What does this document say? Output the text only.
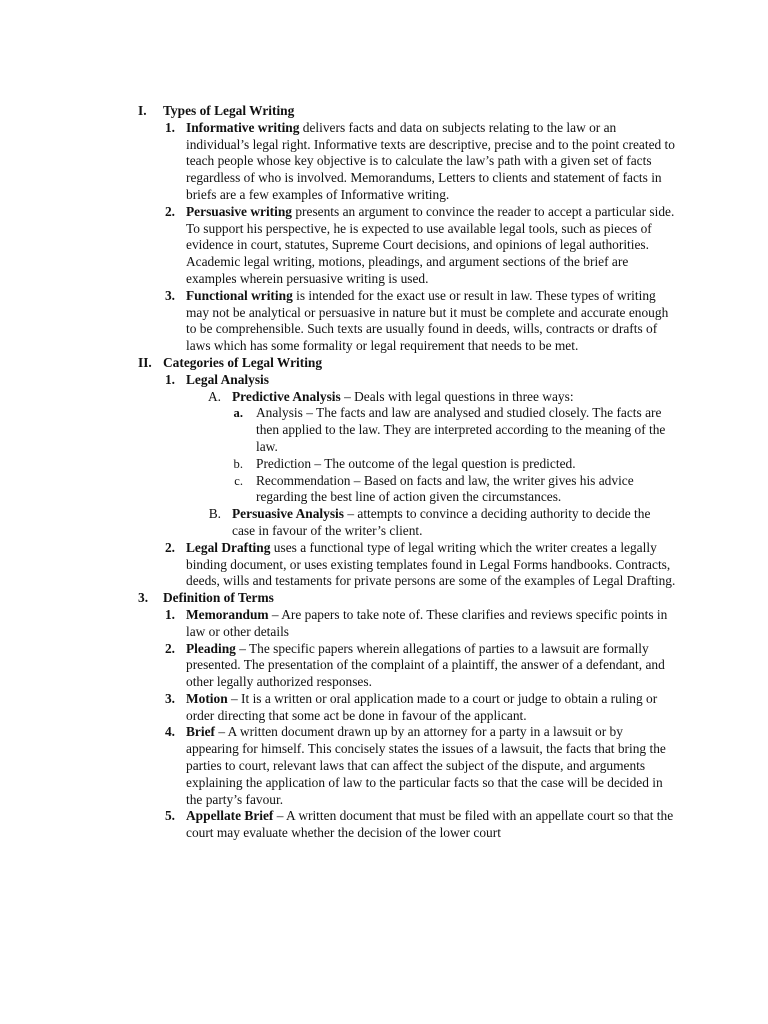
I.	Types of Legal Writing
1. Informative writing delivers facts and data on subjects relating to the law or an individual’s legal right. Informative texts are descriptive, precise and to the point created to teach people whose key objective is to calculate the law’s path with a given set of facts regardless of who is involved. Memorandums, Letters to clients and statement of facts in briefs are a few examples of Informative writing.
2. Persuasive writing presents an argument to convince the reader to accept a particular side. To support his perspective, he is expected to use available legal tools, such as pieces of evidence in court, statutes, Supreme Court decisions, and opinions of legal authorities. Academic legal writing, motions, pleadings, and argument sections of the brief are examples wherein persuasive writing is used.
3. Functional writing is intended for the exact use or result in law. These types of writing may not be analytical or persuasive in nature but it must be complete and accurate enough to be comprehensible. Such texts are usually found in deeds, wills, contracts or drafts of laws which has some formality or legal requirement that needs to be met.
II. Categories of Legal Writing
1. Legal Analysis
A. Predictive Analysis – Deals with legal questions in three ways:
a. Analysis – The facts and law are analysed and studied closely. The facts are then applied to the law. They are interpreted according to the meaning of the law.
b. Prediction – The outcome of the legal question is predicted.
c. Recommendation – Based on facts and law, the writer gives his advice regarding the best line of action given the circumstances.
B. Persuasive Analysis – attempts to convince a deciding authority to decide the case in favour of the writer’s client.
2. Legal Drafting uses a functional type of legal writing which the writer creates a legally binding document, or uses existing templates found in Legal Forms handbooks. Contracts, deeds, wills and testaments for private persons are some of the examples of Legal Drafting.
3. Definition of Terms
1. Memorandum – Are papers to take note of. These clarifies and reviews specific points in law or other details
2. Pleading – The specific papers wherein allegations of parties to a lawsuit are formally presented. The presentation of the complaint of a plaintiff, the answer of a defendant, and other legally authorized responses.
3. Motion – It is a written or oral application made to a court or judge to obtain a ruling or order directing that some act be done in favour of the applicant.
4. Brief – A written document drawn up by an attorney for a party in a lawsuit or by appearing for himself. This concisely states the issues of a lawsuit, the facts that bring the parties to court, relevant laws that can affect the subject of the dispute, and arguments explaining the application of law to the particular facts so that the case will be decided in the party’s favour.
5. Appellate Brief – A written document that must be filed with an appellate court so that the court may evaluate whether the decision of the lower court
